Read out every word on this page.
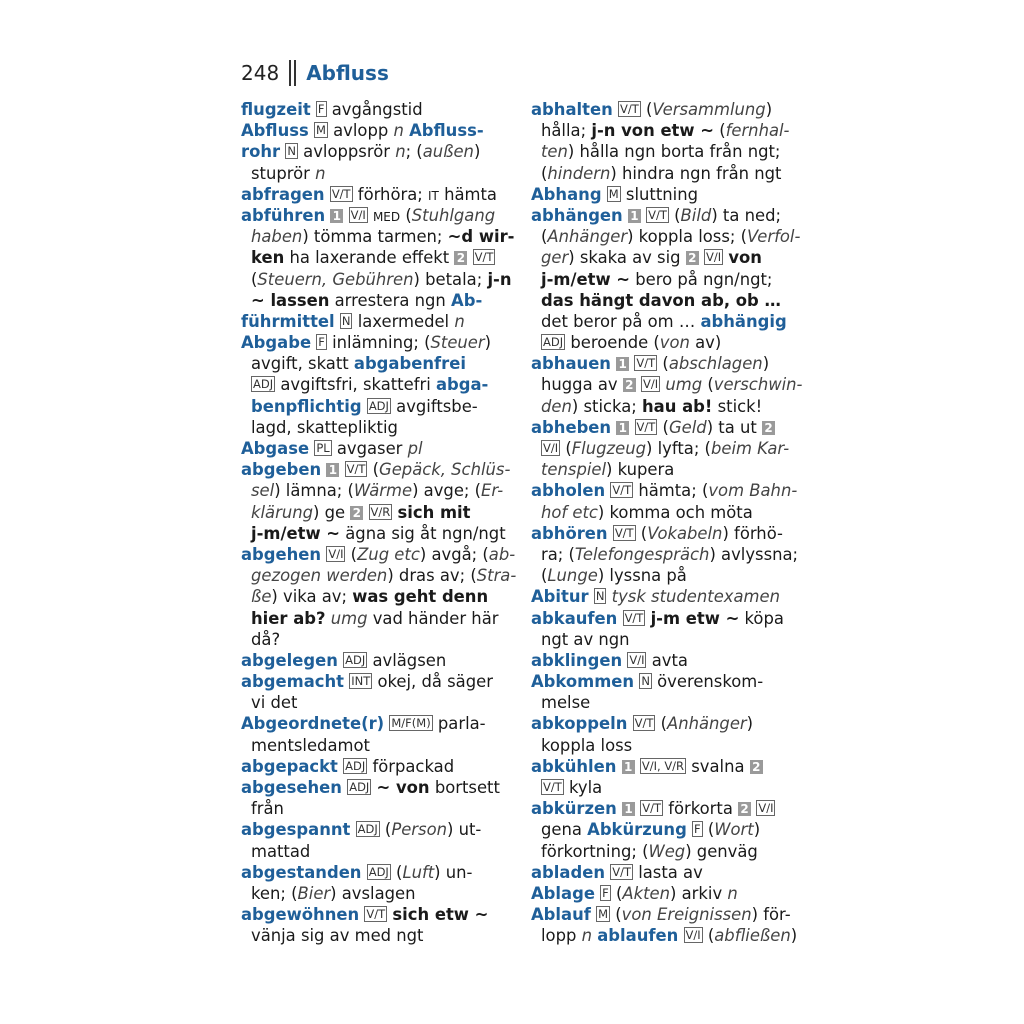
248 Abfluss
flugzeit F avgångstid
Abfluss M avlopp n Abfluss-
rohr N avloppsrör n; (außen)
stuprör n
abfragen V/T förhöra; IT hämta
abführen 1 V/I MED (Stuhlgang
haben) tömma tarmen; ~d wir-
ken ha laxerande effekt 2 V/T
(Steuern, Gebühren) betala; j-n
~ lassen arrestera ngn Ab-
führmittel N laxermedel n
Abgabe F inlämning; (Steuer)
avgift, skatt abgabenfrei
ADJ avgiftsfri, skattefri abga-
benpflichtig ADJ avgiftsbe-
lagd, skattepliktig
Abgase PL avgaser pl
abgeben 1 V/T (Gepäck, Schlüs-
sel) lämna; (Wärme) avge; (Er-
klärung) ge 2 V/R sich mit
j-m/etw ~ ägna sig åt ngn/ngt
abgehen V/I (Zug etc) avgå; (ab-
gezogen werden) dras av; (Stra-
ße) vika av; was geht denn
hier ab? umg vad händer här
då?
abgelegen ADJ avlägsen
abgemacht INT okej, då säger
vi det
Abgeordnete(r) M/F(M) parla-
mentsledamot
abgepackt ADJ förpackad
abgesehen ADJ ~ von bortsett
från
abgespannt ADJ (Person) ut-
mattad
abgestanden ADJ (Luft) un-
ken; (Bier) avslagen
abgewöhnen V/T sich etw ~
vänja sig av med ngt
abhalten V/T (Versammlung)
hålla; j-n von etw ~ (fernhal-
ten) hålla ngn borta från ngt;
(hindern) hindra ngn från ngt
Abhang M sluttning
abhängen 1 V/T (Bild) ta ned;
(Anhänger) koppla loss; (Verfol-
ger) skaka av sig 2 V/I von
j-m/etw ~ bero på ngn/ngt;
das hängt davon ab, ob …
det beror på om … abhängig
ADJ beroende (von av)
abhauen 1 V/T (abschlagen)
hugga av 2 V/I umg (verschwin-
den) sticka; hau ab! stick!
abheben 1 V/T (Geld) ta ut 2
V/I (Flugzeug) lyfta; (beim Kar-
tenspiel) kupera
abholen V/T hämta; (vom Bahn-
hof etc) komma och möta
abhören V/T (Vokabeln) förhö-
ra; (Telefongespräch) avlyssna;
(Lunge) lyssna på
Abitur N tysk studentexamen
abkaufen V/T j-m etw ~ köpa
ngt av ngn
abklingen V/I avta
Abkommen N överenskom-
melse
abkoppeln V/T (Anhänger)
koppla loss
abkühlen 1 V/I, V/R svalna 2
V/T kyla
abkürzen 1 V/T förkorta 2 V/I
gena Abkürzung F (Wort)
förkortning; (Weg) genväg
abladen V/T lasta av
Ablage F (Akten) arkiv n
Ablauf M (von Ereignissen) för-
lopp n ablaufen V/I (abfließen)
